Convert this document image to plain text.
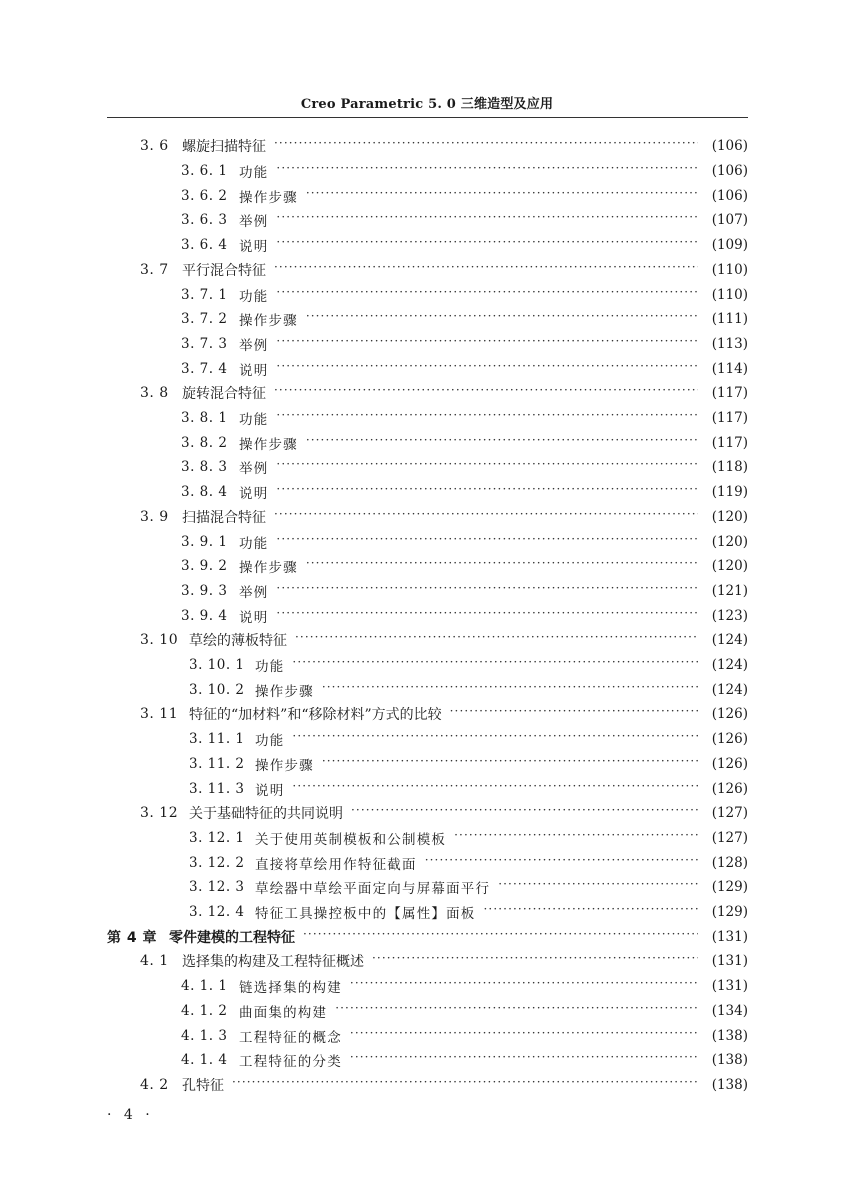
Creo Parametric 5. 0 三维造型及应用
3. 6 螺旋扫描特征 ·····	(106)
3. 6. 1 功能 ·····	(106)
3. 6. 2 操作步骤 ·····	(106)
3. 6. 3 举例 ·····	(107)
3. 6. 4 说明 ·····	(109)
3. 7 平行混合特征 ·····	(110)
3. 7. 1 功能 ·····	(110)
3. 7. 2 操作步骤 ·····	(111)
3. 7. 3 举例 ·····	(113)
3. 7. 4 说明 ·····	(114)
3. 8 旋转混合特征 ·····	(117)
3. 8. 1 功能 ·····	(117)
3. 8. 2 操作步骤 ·····	(117)
3. 8. 3 举例 ·····	(118)
3. 8. 4 说明 ·····	(119)
3. 9 扫描混合特征 ·····	(120)
3. 9. 1 功能 ·····	(120)
3. 9. 2 操作步骤 ·····	(120)
3. 9. 3 举例 ·····	(121)
3. 9. 4 说明 ·····	(123)
3. 10 草绘的薄板特征 ·····	(124)
3. 10. 1 功能 ·····	(124)
3. 10. 2 操作步骤 ·····	(124)
3. 11 特征的“加材料”和“移除材料”方式的比较 ·····	(126)
3. 11. 1 功能 ·····	(126)
3. 11. 2 操作步骤 ·····	(126)
3. 11. 3 说明 ·····	(126)
3. 12 关于基础特征的共同说明 ·····	(127)
3. 12. 1 关于使用英制模板和公制模板 ·····	(127)
3. 12. 2 直接将草绘用作特征截面 ·····	(128)
3. 12. 3 草绘器中草绘平面定向与屏幕面平行 ·····	(129)
3. 12. 4 特征工具操控板中的【属性】面板 ·····	(129)
第 4 章 零件建模的工程特征 ·····	(131)
4. 1 选择集的构建及工程特征概述 ·····	(131)
4. 1. 1 链选择集的构建 ·····	(131)
4. 1. 2 曲面集的构建 ·····	(134)
4. 1. 3 工程特征的概念 ·····	(138)
4. 1. 4 工程特征的分类 ·····	(138)
4. 2 孔特征 ·····	(138)
· 4 ·
